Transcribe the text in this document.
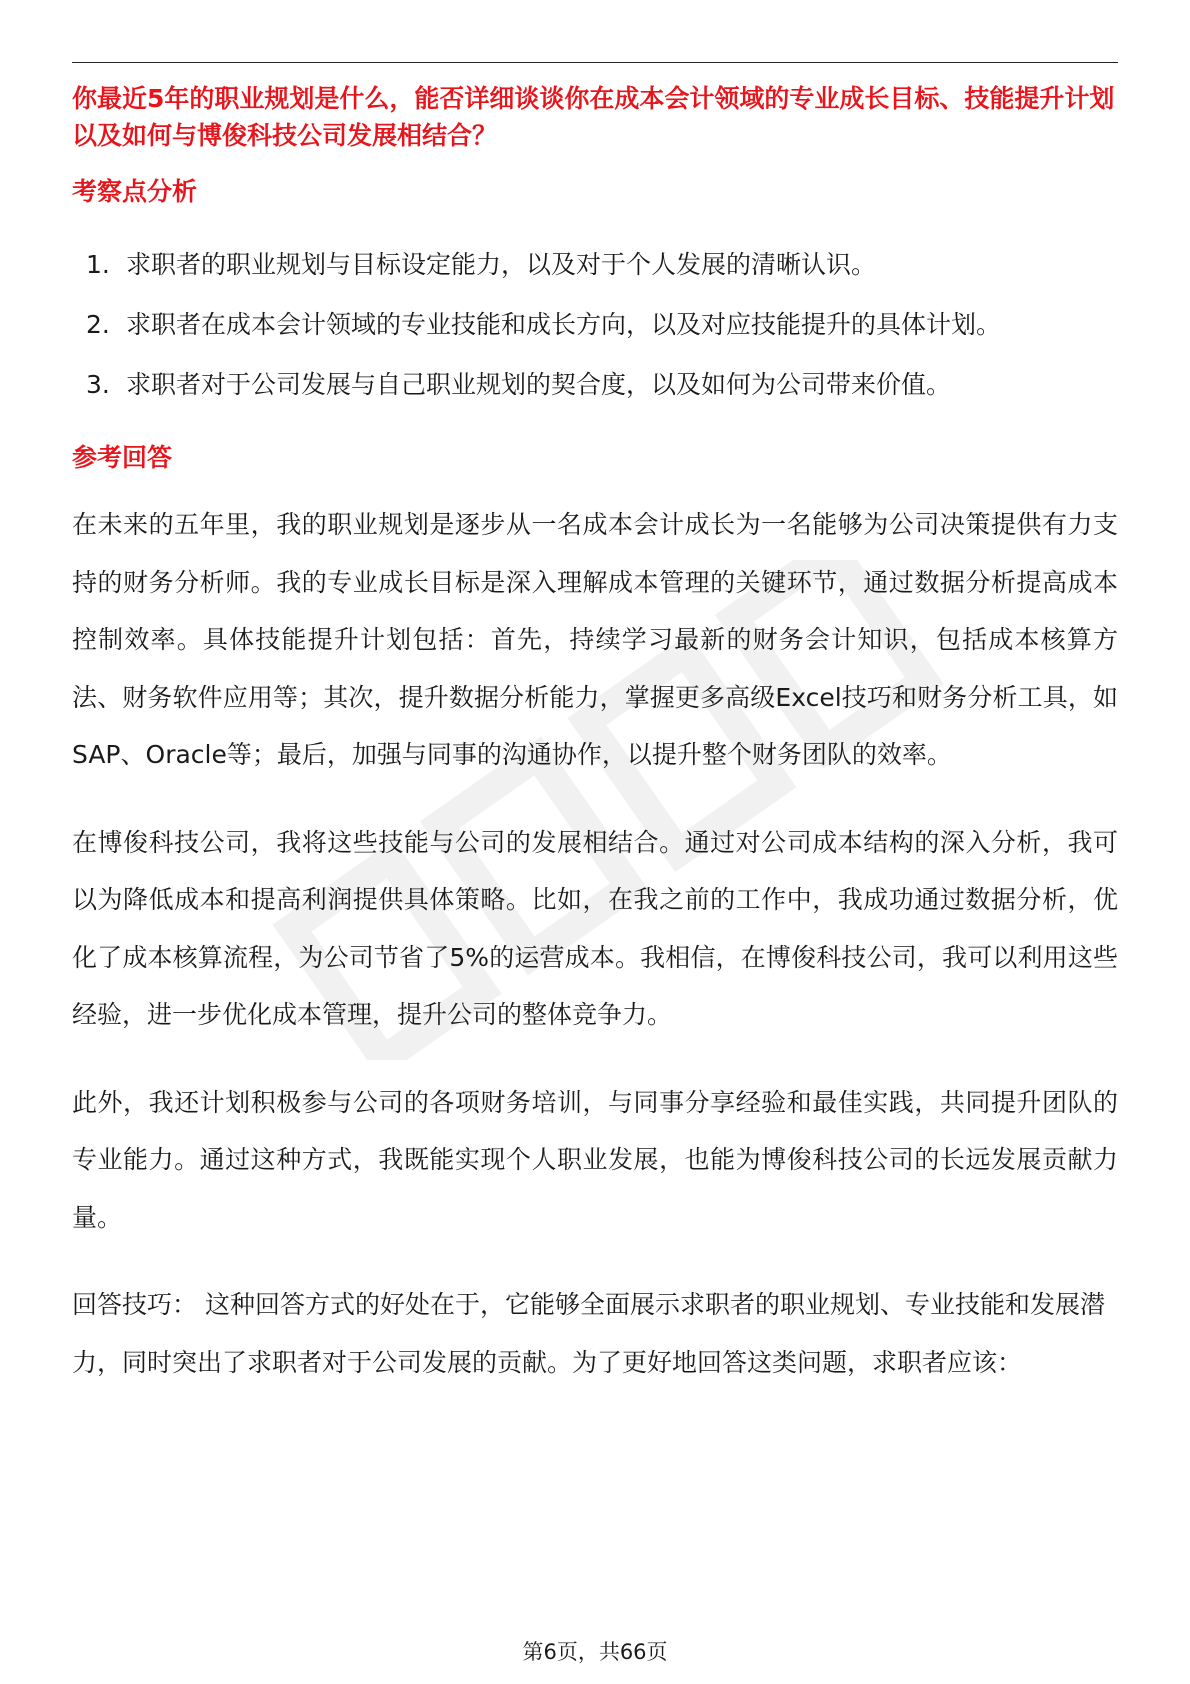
你最近5年的职业规划是什么，能否详细谈谈你在成本会计领域的专业成长目标、技能提升计划以及如何与博俊科技公司发展相结合？

考察点分析
1. 求职者的职业规划与目标设定能力，以及对于个人发展的清晰认识。
2. 求职者在成本会计领域的专业技能和成长方向，以及对应技能提升的具体计划。
3. 求职者对于公司发展与自己职业规划的契合度，以及如何为公司带来价值。
参考回答

在未来的五年里，我的职业规划是逐步从一名成本会计成长为一名能够为公司决策提供有力支持的财务分析师。我的专业成长目标是深入理解成本管理的关键环节，通过数据分析提高成本控制效率。具体技能提升计划包括：首先，持续学习最新的财务会计知识，包括成本核算方法、财务软件应用等；其次，提升数据分析能力，掌握更多高级Excel技巧和财务分析工具，如SAP、Oracle等；最后，加强与同事的沟通协作，以提升整个财务团队的效率。

在博俊科技公司，我将这些技能与公司的发展相结合。通过对公司成本结构的深入分析，我可以为降低成本和提高利润提供具体策略。比如，在我之前的工作中，我成功通过数据分析，优化了成本核算流程，为公司节省了5%的运营成本。我相信，在博俊科技公司，我可以利用这些经验，进一步优化成本管理，提升公司的整体竞争力。

此外，我还计划积极参与公司的各项财务培训，与同事分享经验和最佳实践，共同提升团队的专业能力。通过这种方式，我既能实现个人职业发展，也能为博俊科技公司的长远发展贡献力量。

回答技巧： 这种回答方式的好处在于，它能够全面展示求职者的职业规划、专业技能和发展潜力，同时突出了求职者对于公司发展的贡献。为了更好地回答这类问题，求职者应该：

第6页，共66页
